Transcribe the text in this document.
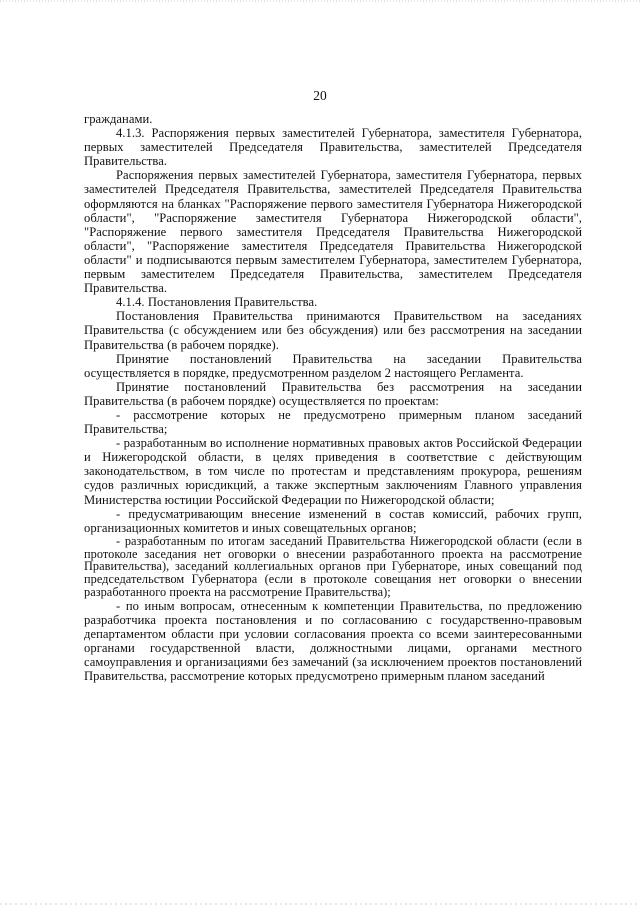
20

гражданами.

4.1.3. Распоряжения первых заместителей Губернатора, заместителя Губернатора, первых заместителей Председателя Правительства, заместителей Председателя Правительства.

Распоряжения первых заместителей Губернатора, заместителя Губернатора, первых заместителей Председателя Правительства, заместителей Председателя Правительства оформляются на бланках "Распоряжение первого заместителя Губернатора Нижегородской области", "Распоряжение заместителя Губернатора Нижегородской области", "Распоряжение первого заместителя Председателя Правительства Нижегородской области", "Распоряжение заместителя Председателя Правительства Нижегородской области" и подписываются первым заместителем Губернатора, заместителем Губернатора, первым заместителем Председателя Правительства, заместителем Председателя Правительства.

4.1.4. Постановления Правительства.

Постановления Правительства принимаются Правительством на заседаниях Правительства (с обсуждением или без обсуждения) или без рассмотрения на заседании Правительства (в рабочем порядке).

Принятие постановлений Правительства на заседании Правительства осуществляется в порядке, предусмотренном разделом 2 настоящего Регламента.

Принятие постановлений Правительства без рассмотрения на заседании Правительства (в рабочем порядке) осуществляется по проектам:

- рассмотрение которых не предусмотрено примерным планом заседаний Правительства;

- разработанным во исполнение нормативных правовых актов Российской Федерации и Нижегородской области, в целях приведения в соответствие с действующим законодательством, в том числе по протестам и представлениям прокурора, решениям судов различных юрисдикций, а также экспертным заключениям Главного управления Министерства юстиции Российской Федерации по Нижегородской области;

- предусматривающим внесение изменений в состав комиссий, рабочих групп, организационных комитетов и иных совещательных органов;

- разработанным по итогам заседаний Правительства Нижегородской области (если в протоколе заседания нет оговорки о внесении разработанного проекта на рассмотрение Правительства), заседаний коллегиальных органов при Губернаторе, иных совещаний под председательством Губернатора (если в протоколе совещания нет оговорки о внесении разработанного проекта на рассмотрение Правительства);

- по иным вопросам, отнесенным к компетенции Правительства, по предложению разработчика проекта постановления и по согласованию с государственно-правовым департаментом области при условии согласования проекта со всеми заинтересованными органами государственной власти, должностными лицами, органами местного самоуправления и организациями без замечаний (за исключением проектов постановлений Правительства, рассмотрение которых предусмотрено примерным планом заседаний
